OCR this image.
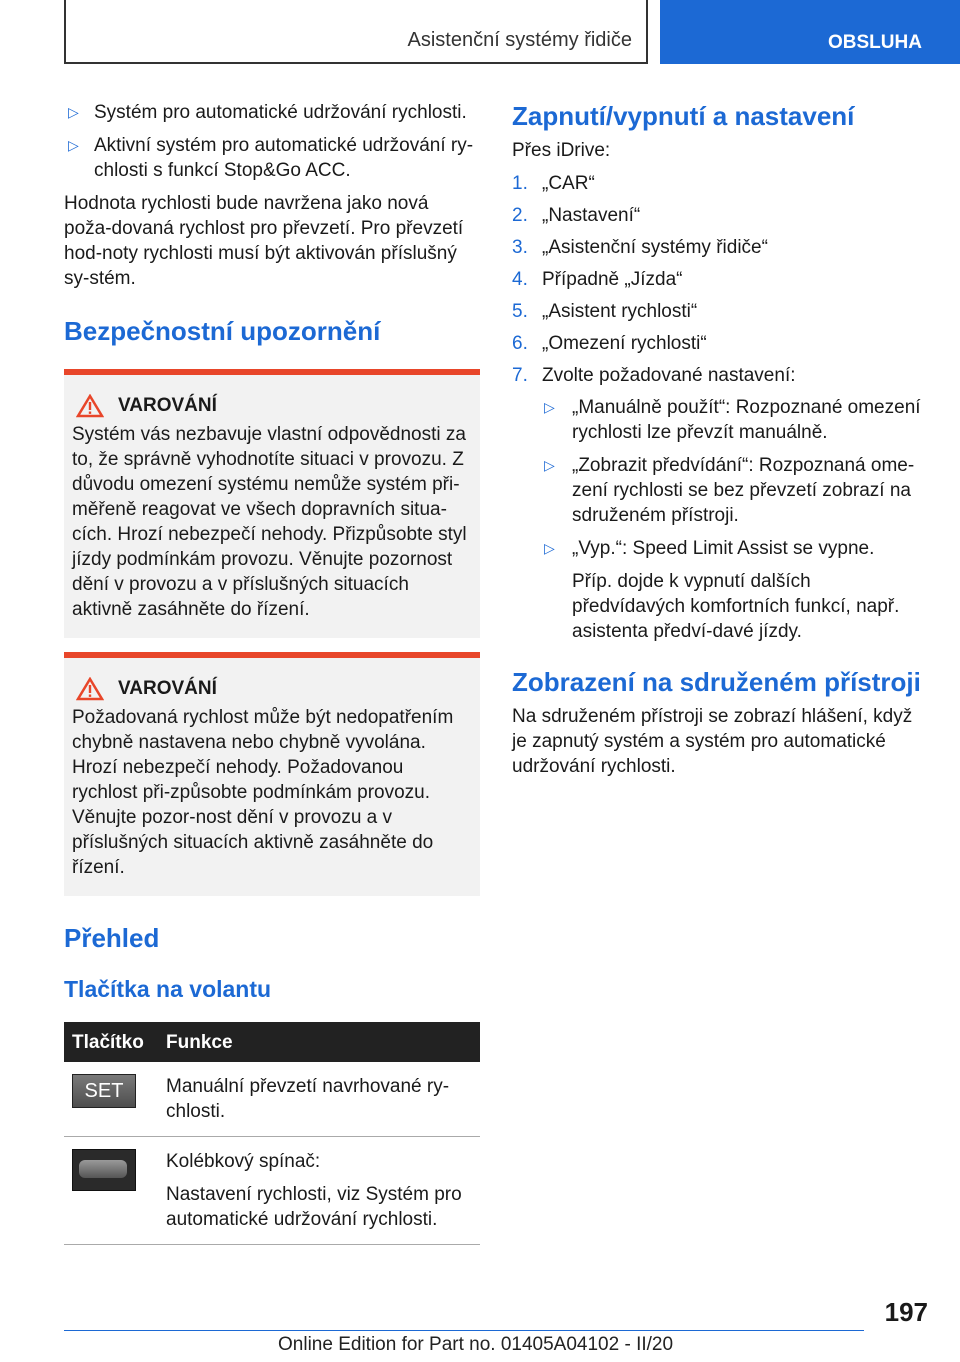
Asistenční systémy řidiče	OBSLUHA
▷ Systém pro automatické udržování rychlosti.
▷ Aktivní systém pro automatické udržování ry-chlosti s funkcí Stop&Go ACC.

Hodnota rychlosti bude navržena jako nová poža-dovaná rychlost pro převzetí. Pro převzetí hod-noty rychlosti musí být aktivován příslušný sy-stém.

Bezpečnostní upozornění
VAROVÁNÍ
Systém vás nezbavuje vlastní odpovědnosti za to, že správně vyhodnotíte situaci v provozu. Z důvodu omezení systému nemůže systém při-měřeně reagovat ve všech dopravních situa-cích. Hrozí nebezpečí nehody. Přizpůsobte styl jízdy podmínkám provozu. Věnujte pozornost dění v provozu a v příslušných situacích aktivně zasáhněte do řízení.
VAROVÁNÍ
Požadovaná rychlost může být nedopatřením chybně nastavena nebo chybně vyvolána. Hrozí nebezpečí nehody. Požadovanou rychlost při-způsobte podmínkám provozu. Věnujte pozor-nost dění v provozu a v příslušných situacích aktivně zasáhněte do řízení.
Přehled
Tlačítka na volantu
Tlačítko	Funkce

SET	Manuální převzetí navrhované ry-chlosti.

	Kolébkový spínač:

Nastavení rychlosti, viz Systém pro automatické udržování rychlosti.
Zapnutí/vypnutí a nastavení

Přes iDrive:

1. „CAR“
2. „Nastavení“
3. „Asistenční systémy řidiče“
4. Případně „Jízda“
5. „Asistent rychlosti“
6. „Omezení rychlosti“
7. Zvolte požadované nastavení:
▷ „Manuálně použít“: Rozpoznané omezení rychlosti lze převzít manuálně.
▷ „Zobrazit předvídání“: Rozpoznaná ome-zení rychlosti se bez převzetí zobrazí na sdruženém přístroji.
▷ „Vyp.“: Speed Limit Assist se vypne.
Příp. dojde k vypnutí dalších předvídavých komfortních funkcí, např. asistenta předví-davé jízdy.
Zobrazení na sdruženém přístroji

Na sdruženém přístroji se zobrazí hlášení, když je zapnutý systém a systém pro automatické udržování rychlosti.

197
Online Edition for Part no. 01405A04102 - II/20
